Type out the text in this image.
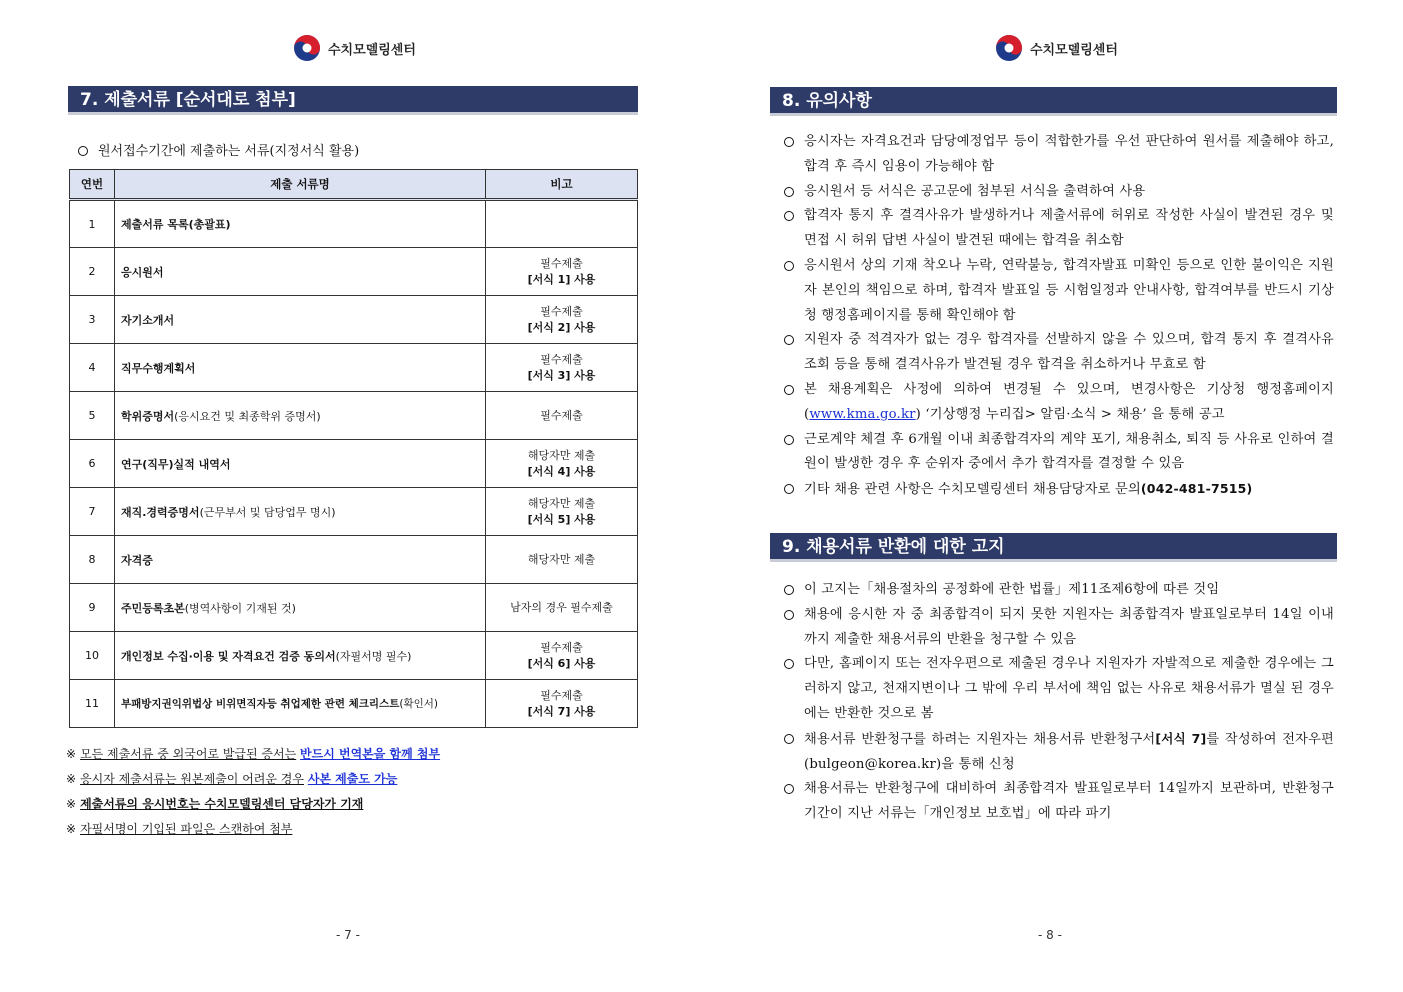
수치모델링센터
7. 제출서류 [순서대로 첨부]
원서접수기간에 제출하는 서류(지정서식 활용)
연번	제출 서류명	비고
1	제출서류 목록(총괄표)	
2	응시원서	필수제출
[서식 1] 사용

3	자기소개서	필수제출
[서식 2] 사용

4	직무수행계획서	필수제출
[서식 3] 사용

5	학위증명서(응시요건 및 최종학위 증명서)	필수제출

6	연구(직무)실적 내역서	해당자만 제출
[서식 4] 사용

7	재직.경력증명서(근무부서 및 담당업무 명시)	해당자만 제출
[서식 5] 사용

8	자격증	해당자만 제출

9	주민등록초본(병역사항이 기재된 것)	남자의 경우 필수제출

10	개인정보 수집·이용 및 자격요건 검증 동의서(자필서명 필수)	필수제출
[서식 6] 사용

11	부패방지권익위법상 비위면직자등 취업제한 관련 체크리스트(확인서)	필수제출
[서식 7] 사용
※ 모든 제출서류 중 외국어로 발급된 증서는 반드시 번역본을 함께 첨부
※ 응시자 제출서류는 원본제출이 어려운 경우 사본 제출도 가능
※ 제출서류의 응시번호는 수치모델링센터 담당자가 기재
※ 자필서명이 기입된 파일은 스캔하여 첨부
- 7 -
수치모델링센터
8. 유의사항
응시자는 자격요건과 담당예정업무 등이 적합한가를 우선 판단하여 원서를 제출해야 하고, 합격 후 즉시 임용이 가능해야 함
응시원서 등 서식은 공고문에 첨부된 서식을 출력하여 사용
합격자 통지 후 결격사유가 발생하거나 제출서류에 허위로 작성한 사실이 발견된 경우 및 면접 시 허위 답변 사실이 발견된 때에는 합격을 취소함
응시원서 상의 기재 착오나 누락, 연락불능, 합격자발표 미확인 등으로 인한 불이익은 지원자 본인의 책임으로 하며, 합격자 발표일 등 시험일정과 안내사항, 합격여부를 반드시 기상청 행정홈페이지를 통해 확인해야 함
지원자 중 적격자가 없는 경우 합격자를 선발하지 않을 수 있으며, 합격 통지 후 결격사유 조회 등을 통해 결격사유가 발견될 경우 합격을 취소하거나 무효로 함
본 채용계획은 사정에 의하여 변경될 수 있으며, 변경사항은 기상청 행정홈페이지(www.kma.go.kr) ‘기상행정 누리집> 알림·소식 > 채용’ 을 통해 공고
근로계약 체결 후 6개월 이내 최종합격자의 계약 포기, 채용취소, 퇴직 등 사유로 인하여 결원이 발생한 경우 후 순위자 중에서 추가 합격자를 결정할 수 있음
기타 채용 관련 사항은 수치모델링센터 채용담당자로 문의(042-481-7515)
9. 채용서류 반환에 대한 고지
이 고지는「채용절차의 공정화에 관한 법률」제11조제6항에 따른 것임
채용에 응시한 자 중 최종합격이 되지 못한 지원자는 최종합격자 발표일로부터 14일 이내까지 제출한 채용서류의 반환을 청구할 수 있음
다만, 홈페이지 또는 전자우편으로 제출된 경우나 지원자가 자발적으로 제출한 경우에는 그러하지 않고, 천재지변이나 그 밖에 우리 부서에 책임 없는 사유로 채용서류가 멸실 된 경우에는 반환한 것으로 봄
채용서류 반환청구를 하려는 지원자는 채용서류 반환청구서[서식 7]를 작성하여 전자우편(bulgeon@korea.kr)을 통해 신청
채용서류는 반환청구에 대비하여 최종합격자 발표일로부터 14일까지 보관하며, 반환청구 기간이 지난 서류는「개인정보 보호법」에 따라 파기
- 8 -
